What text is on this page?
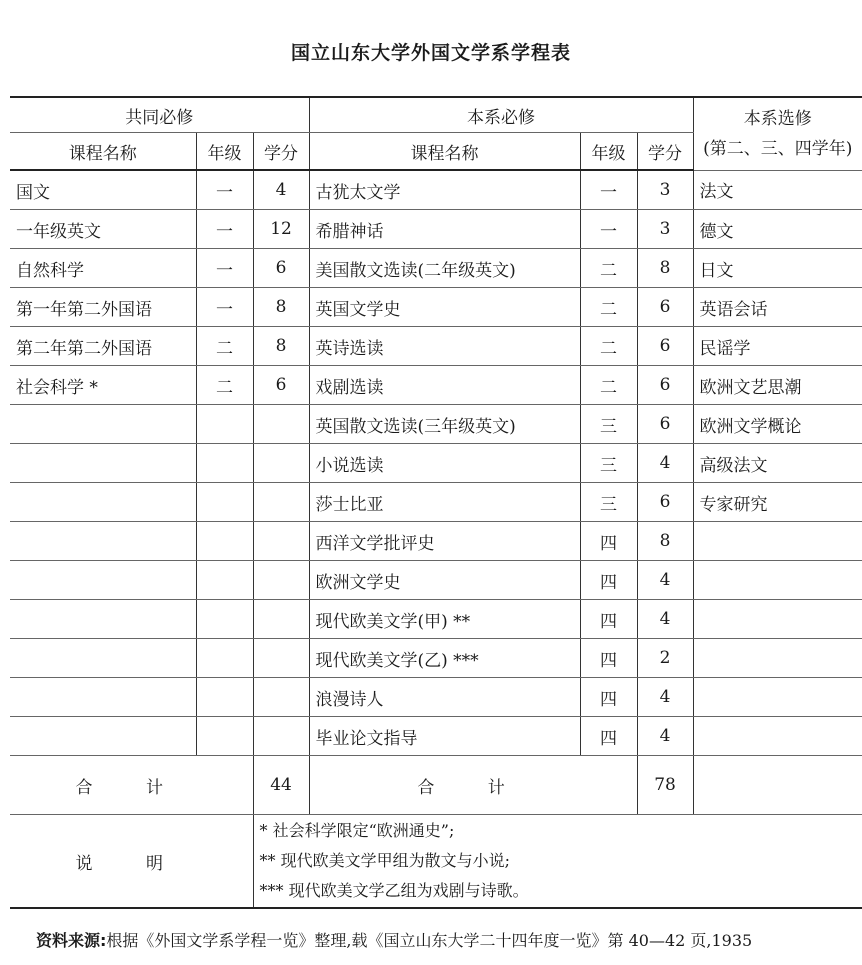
国立山东大学外国文学系学程表
共同必修			本系必修			本系选修
(第二、三、四学年)

课程名称	年级	学分	课程名称	年级	学分	
国文	一	4	古犹太文学	一	3	法文
一年级英文	一	12	希腊神话	一	3	德文
自然科学	一	6	美国散文选读(二年级英文)	二	8	日文
第一年第二外国语	一	8	英国文学史	二	6	英语会话
第二年第二外国语	二	8	英诗选读	二	6	民谣学
社会科学 *	二	6	戏剧选读	二	6	欧洲文艺思潮
			英国散文选读(三年级英文)	三	6	欧洲文学概论
			小说选读	三	4	高级法文
			莎士比亚	三	6	专家研究
			西洋文学批评史	四	8	
			欧洲文学史	四	4	
			现代欧美文学(甲) **	四	4	
			现代欧美文学(乙) ***	四	2	
			浪漫诗人	四	4	
			毕业论文指导	四	4	
合 计		44	合 计		78	
说 明		* 社会科学限定“欧洲通史”;
** 现代欧美文学甲组为散文与小说;
*** 现代欧美文学乙组为戏剧与诗歌。				
资料来源:根据《外国文学系学程一览》整理,载《国立山东大学二十四年度一览》第 40—42 页,1935
